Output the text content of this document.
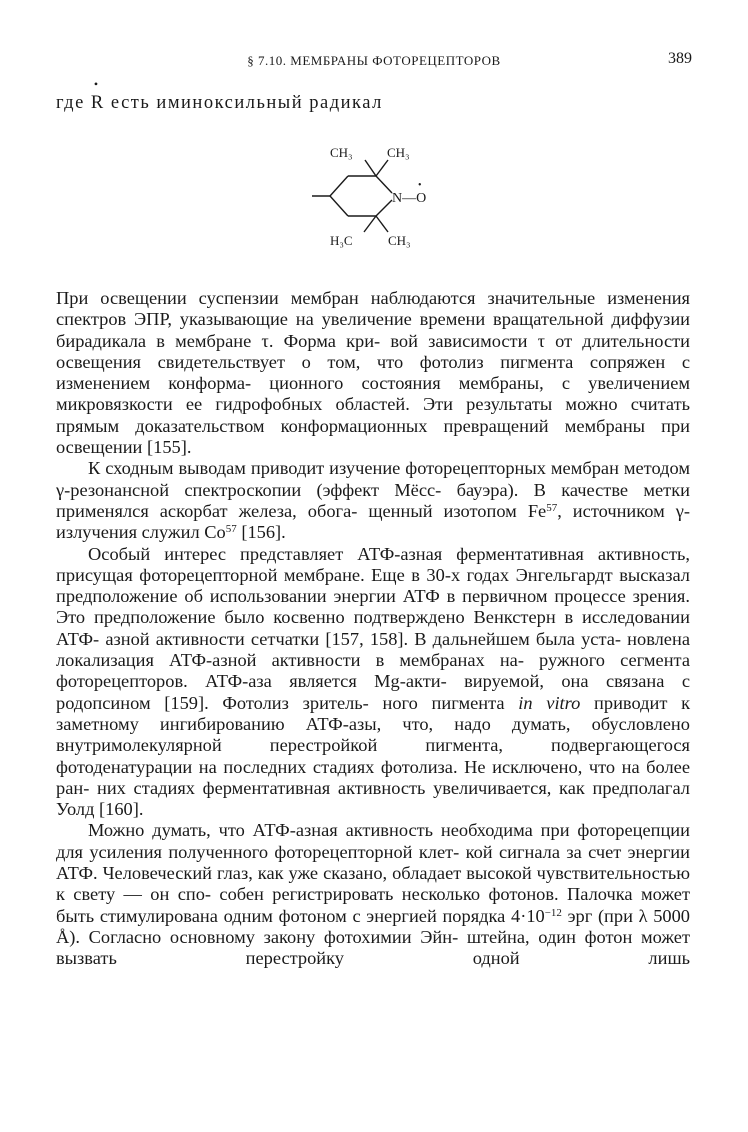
§ 7.10. МЕМБРАНЫ ФОТОРЕЦЕПТОРОВ	389
где • R есть иминоксильный радикал
CH₃	CH₃
N—O
•
H₃C	CH₃

При освещении суспензии мембран наблюдаются значительные изменения спектров ЭПР, указывающие на увеличение времени вращательной диффузии бирадикала в мембране τ. Форма кри- вой зависимости τ от длительности освещения свидетельствует о том, что фотолиз пигмента сопряжен с изменением конформа- ционного состояния мембраны, с увеличением микровязкости ее гидрофобных областей. Эти результаты можно считать прямым доказательством конформационных превращений мембраны при освещении [155].

К сходным выводам приводит изучение фоторецепторных мембран методом γ-резонансной спектроскопии (эффект Мёсс- бауэра). В качестве метки применялся аскорбат железа, обога- щенный изотопом Fe$^{57}$, источником γ-излучения служил Co$^{57}$ [156].

Особый интерес представляет АТФ-азная ферментативная активность, присущая фоторецепторной мембране. Еще в 30-х годах Энгельгардт высказал предположение об использовании энергии АТФ в первичном процессе зрения. Это предположение было косвенно подтверждено Венкстерн в исследовании АТФ- азной активности сетчатки [157, 158]. В дальнейшем была уста- новлена локализация АТФ-азной активности в мембранах на- ружного сегмента фоторецепторов. АТФ-аза является Mg-акти- вируемой, она связана с родопсином [159]. Фотолиз зритель- ного пигмента in vitro приводит к заметному ингибированию АТФ-азы, что, надо думать, обусловлено внутримолекулярной	перестройкой пигмента, подвергающегося фотоденатурации на последних стадиях фотолиза. Не исключено, что на более ран- них стадиях ферментативная активность увеличивается, как предполагал Уолд [160].

Можно думать, что АТФ-азная активность необходима при фоторецепции для усиления полученного фоторецепторной клет- кой сигнала за счет энергии АТФ. Человеческий глаз, как уже сказано, обладает высокой чувствительностью к свету — он спо- собен регистрировать несколько фотонов. Палочка может быть стимулирована одним фотоном с энергией порядка $4\cdot 10^{-12}$ эрг (при λ 5000 Å). Согласно основному закону фотохимии Эйн- штейна, один фотон может вызвать перестройку одной лишь
